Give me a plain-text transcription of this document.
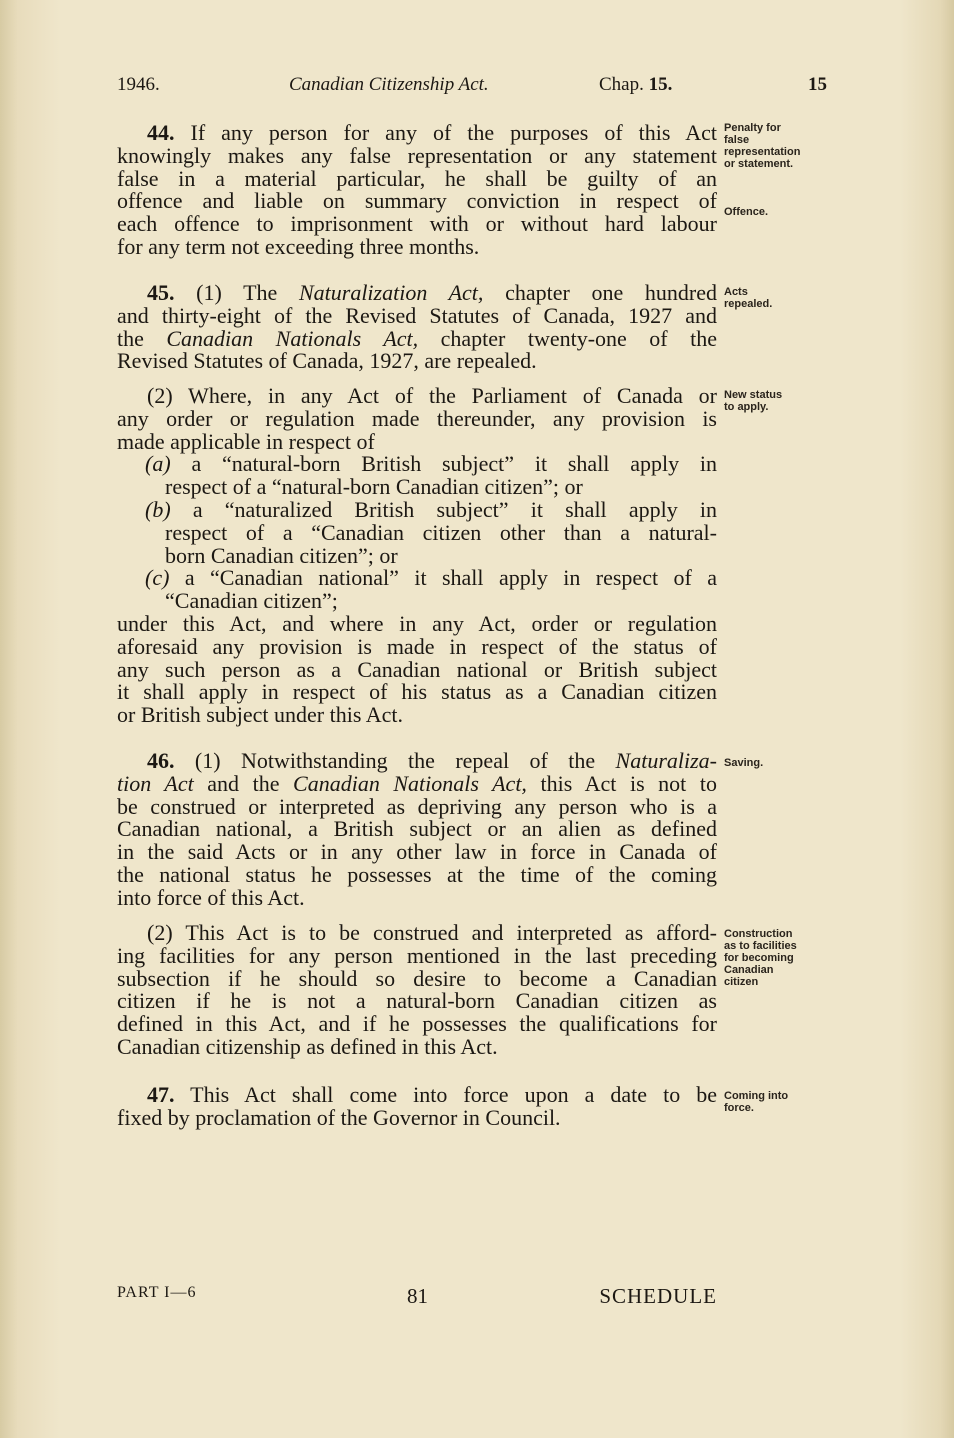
1946.	Canadian Citizenship Act.	Chap. 15.	15
44. If any person for any of the purposes of this Act
knowingly makes any false representation or any statement
false in a material particular, he shall be guilty of an
offence and liable on summary conviction in respect of
each offence to imprisonment with or without hard labour
for any term not exceeding three months.
Penalty for
false
representation
or statement.
Offence.
45. (1) The Naturalization Act, chapter one hundred
and thirty-eight of the Revised Statutes of Canada, 1927 and
the Canadian Nationals Act, chapter twenty-one of the
Revised Statutes of Canada, 1927, are repealed.
Acts
repealed.
(2) Where, in any Act of the Parliament of Canada or
any order or regulation made thereunder, any provision is
made applicable in respect of
(a) a “natural-born British subject” it shall apply in
respect of a “natural-born Canadian citizen”; or
(b) a “naturalized British subject” it shall apply in
respect of a “Canadian citizen other than a natural-
born Canadian citizen”; or
(c) a “Canadian national” it shall apply in respect of a
“Canadian citizen”;
under this Act, and where in any Act, order or regulation
aforesaid any provision is made in respect of the status of
any such person as a Canadian national or British subject
it shall apply in respect of his status as a Canadian citizen
or British subject under this Act.
New status
to apply.
46. (1) Notwithstanding the repeal of the Naturaliza-
tion Act and the Canadian Nationals Act, this Act is not to
be construed or interpreted as depriving any person who is a
Canadian national, a British subject or an alien as defined
in the said Acts or in any other law in force in Canada of
the national status he possesses at the time of the coming
into force of this Act.
Saving.
(2) This Act is to be construed and interpreted as afford-
ing facilities for any person mentioned in the last preceding
subsection if he should so desire to become a Canadian
citizen if he is not a natural-born Canadian citizen as
defined in this Act, and if he possesses the qualifications for
Canadian citizenship as defined in this Act.
Construction
as to facilities
for becoming
Canadian
citizen
47. This Act shall come into force upon a date to be
fixed by proclamation of the Governor in Council.
Coming into
force.
PART I—6	81	SCHEDULE
